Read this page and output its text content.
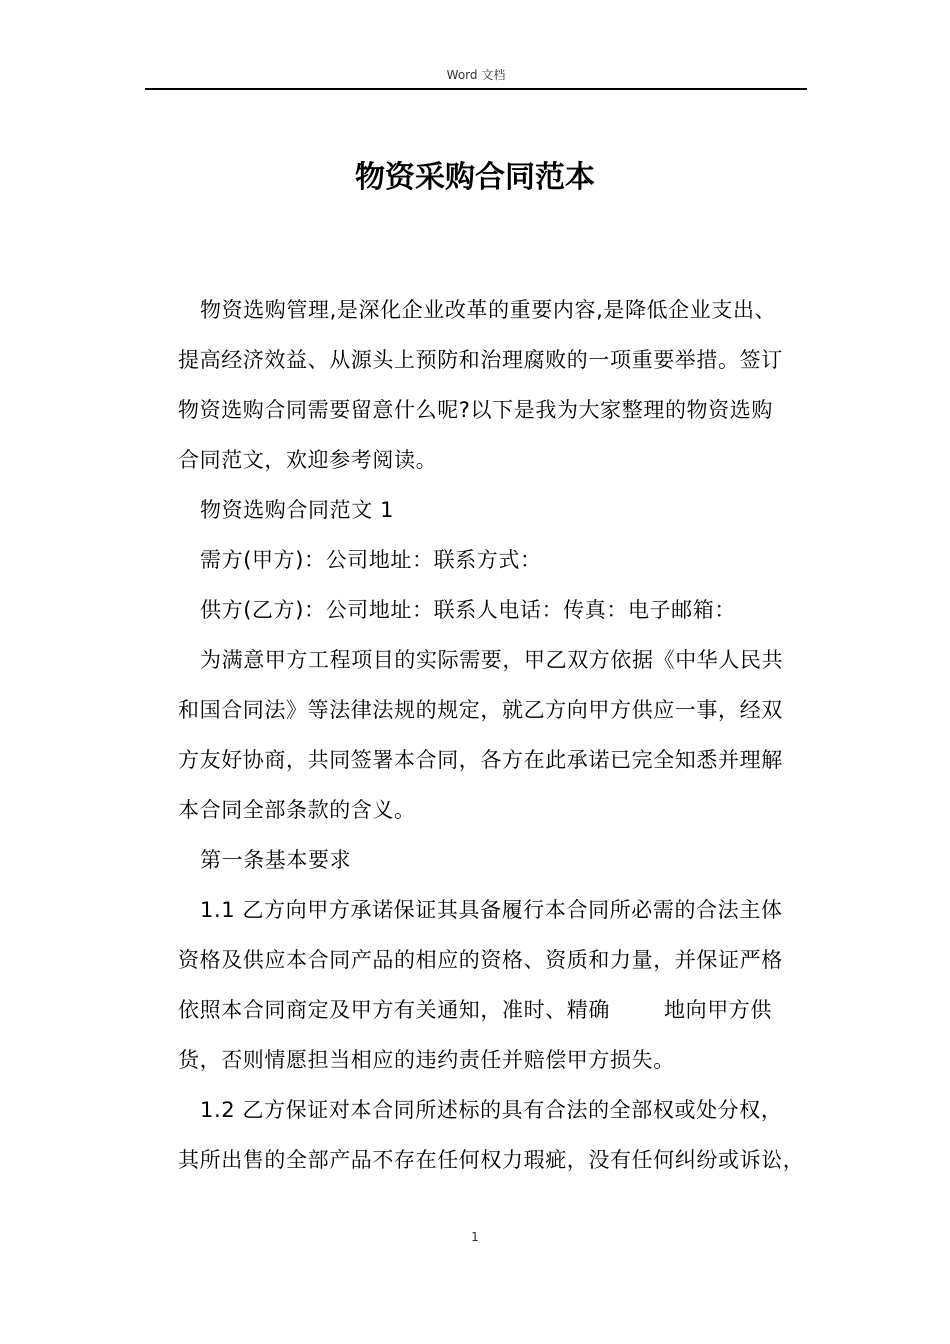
Word 文档
物资采购合同范本
物资选购管理,是深化企业改革的重要内容,是降低企业支出、
提高经济效益、从源头上预防和治理腐败的一项重要举措。签订
物资选购合同需要留意什么呢?以下是我为大家整理的物资选购
合同范文，欢迎参考阅读。
物资选购合同范文 1
需方(甲方)：公司地址：联系方式：
供方(乙方)：公司地址：联系人电话：传真：电子邮箱：
为满意甲方工程项目的实际需要，甲乙双方依据《中华人民共
和国合同法》等法律法规的规定，就乙方向甲方供应一事，经双
方友好协商，共同签署本合同，各方在此承诺已完全知悉并理解
本合同全部条款的含义。
第一条基本要求
1.1 乙方向甲方承诺保证其具备履行本合同所必需的合法主体
资格及供应本合同产品的相应的资格、资质和力量，并保证严格
依照本合同商定及甲方有关通知，准时、精确	地向甲方供
货，否则情愿担当相应的违约责任并赔偿甲方损失。
1.2 乙方保证对本合同所述标的具有合法的全部权或处分权，
其所出售的全部产品不存在任何权力瑕疵，没有任何纠纷或诉讼，
1
